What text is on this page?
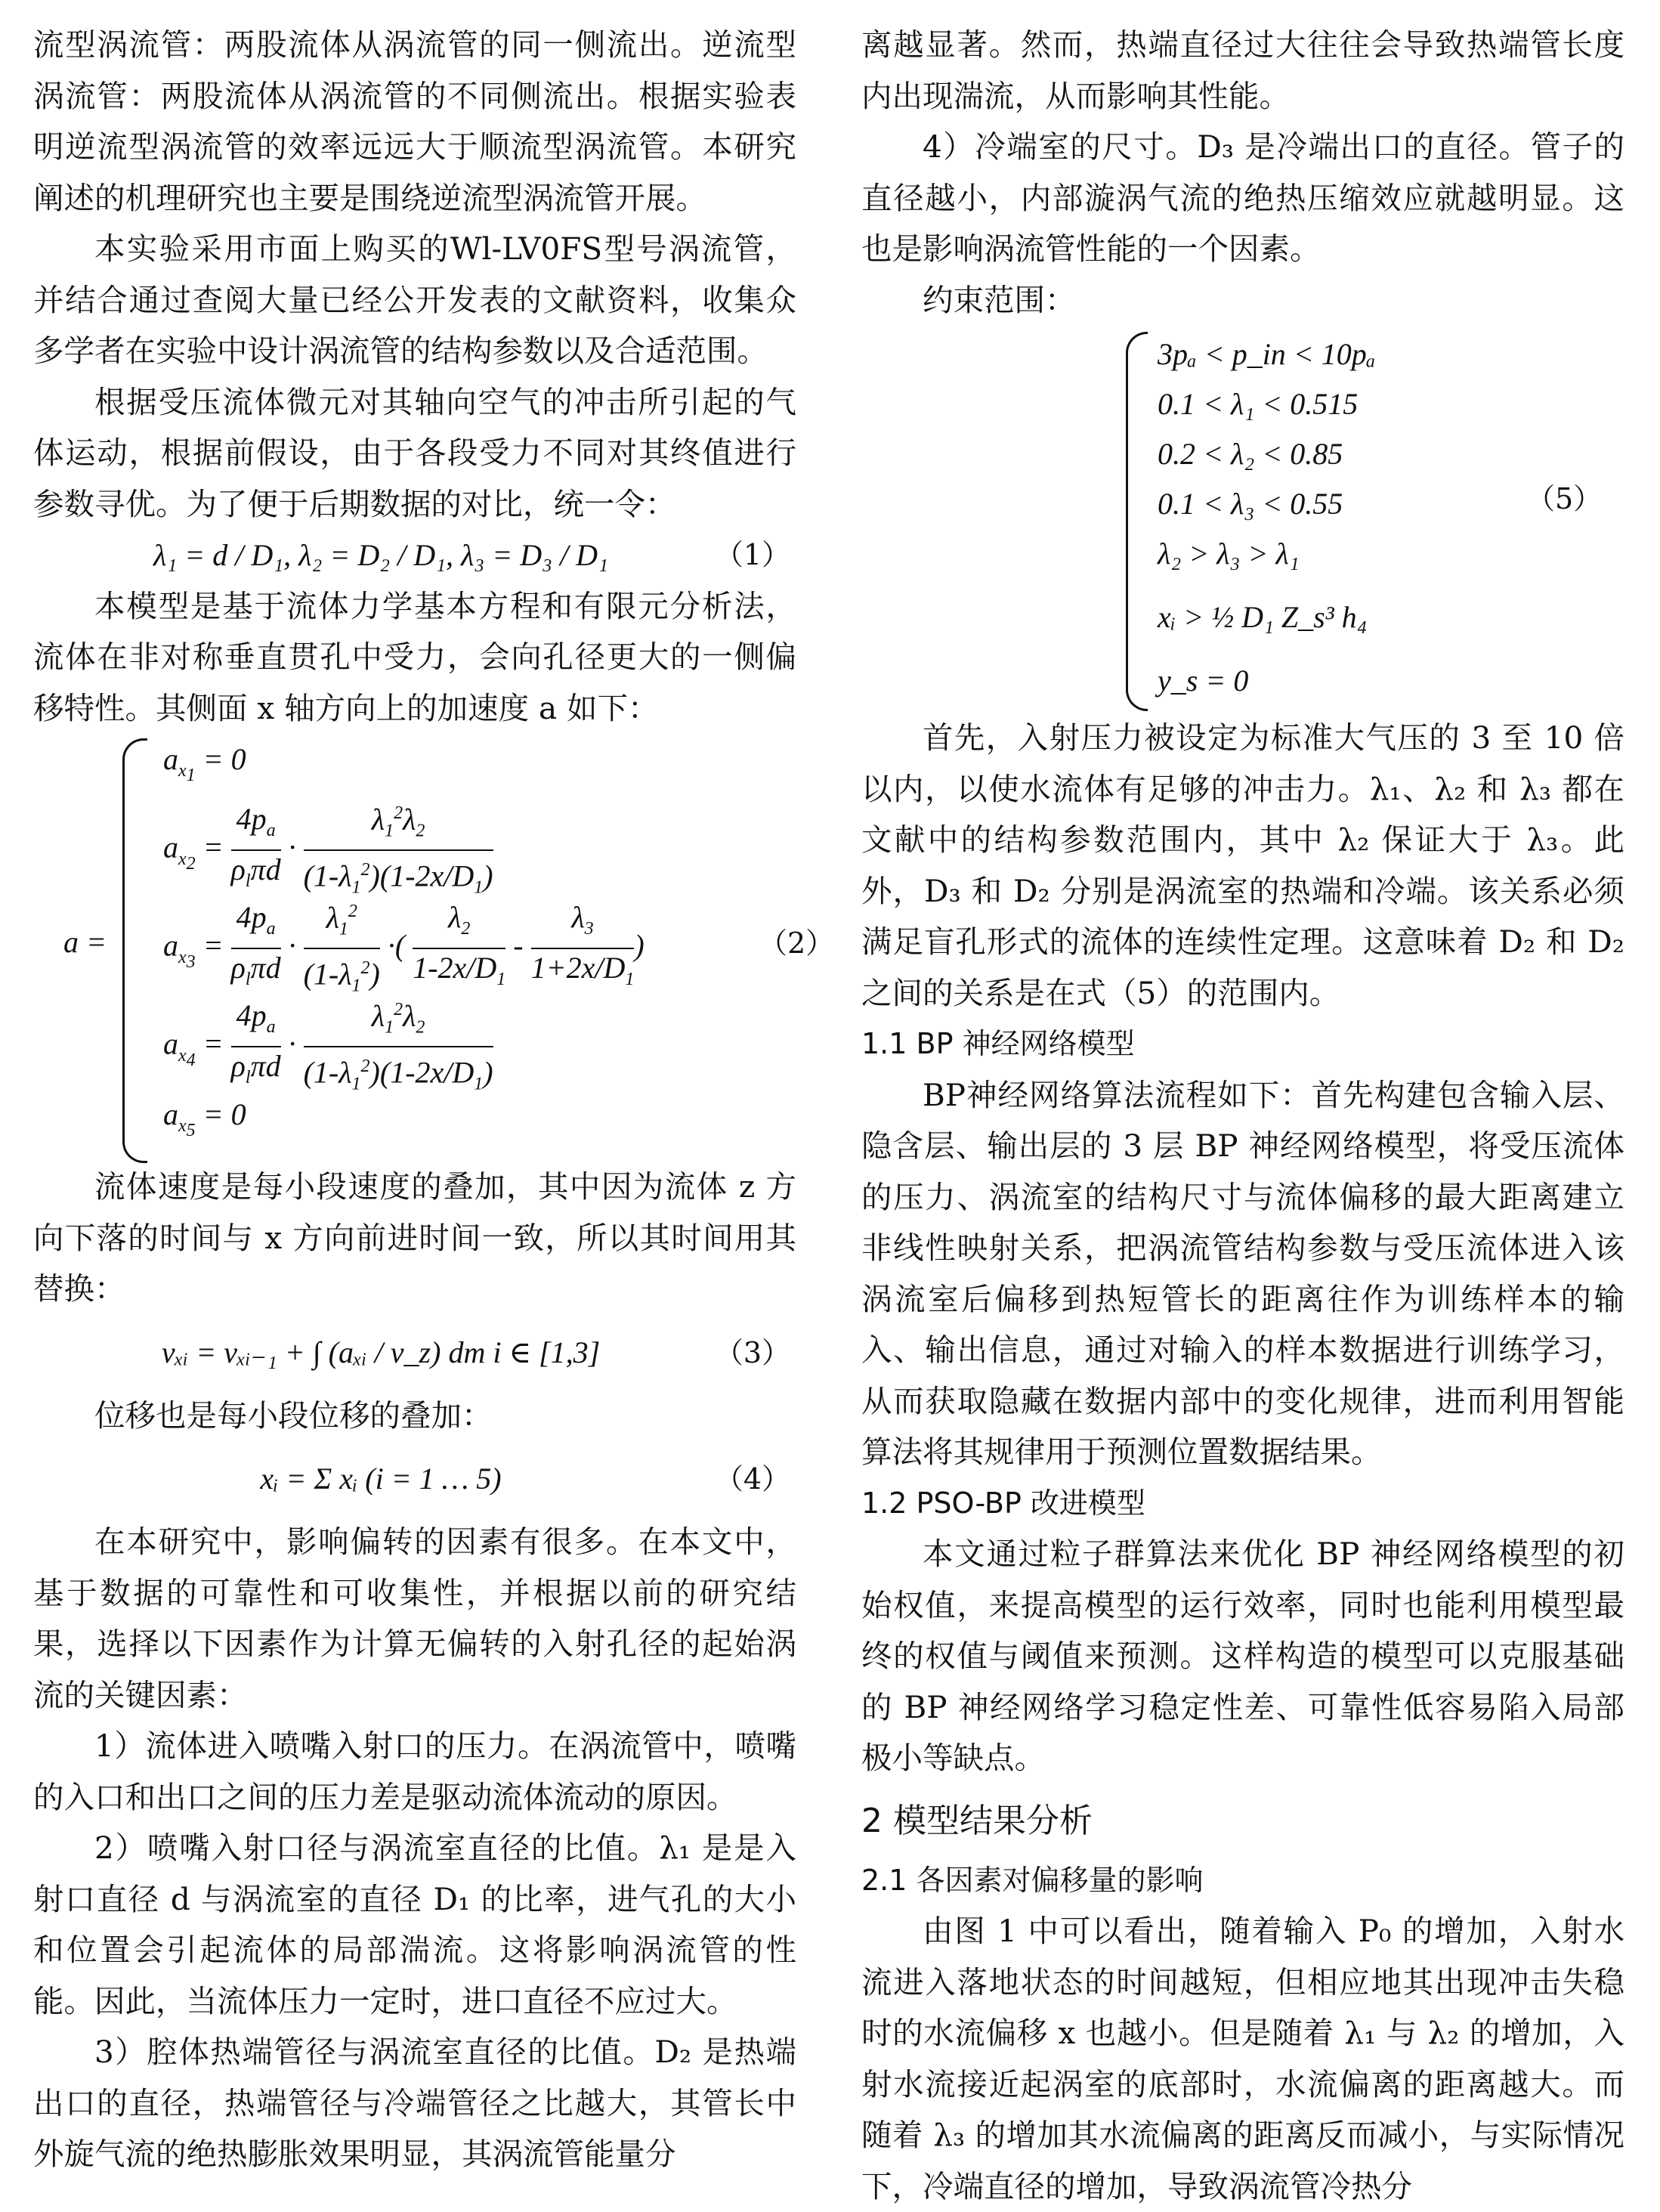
流型涡流管：两股流体从涡流管的同一侧流出。逆流型涡流管：两股流体从涡流管的不同侧流出。根据实验表明逆流型涡流管的效率远远大于顺流型涡流管。本研究阐述的机理研究也主要是围绕逆流型涡流管开展。

本实验采用市面上购买的Wl-LV0FS型号涡流管，并结合通过查阅大量已经公开发表的文献资料，收集众多学者在实验中设计涡流管的结构参数以及合适范围。

根据受压流体微元对其轴向空气的冲击所引起的气体运动，根据前假设，由于各段受力不同对其终值进行参数寻优。为了便于后期数据的对比，统一令：

λ₁ = d / D₁, λ₂ = D₂ / D₁, λ₃ = D₃ / D₁	（1）

本模型是基于流体力学基本方程和有限元分析法，流体在非对称垂直贯孔中受力，会向孔径更大的一侧偏移特性。其侧面 x 轴方向上的加速度 a 如下：

a =
$a_{x_1} = 0$
$a_{x_2} = \frac{4p_a}{\rho_l\pi d} \cdot \frac{\lambda_1^2\lambda_2}{(1-\lambda_1^2)(1-2x/D_1)}$
$a_{x_3} = \frac{4p_a}{\rho_l\pi d} \cdot \frac{\lambda_1^2}{(1-\lambda_1^2)}$ ·( $\frac{\lambda_2}{1-2x/D_1} - \frac{\lambda_3}{1+2x/D_1}$ )	（2）
$a_{x_4} = \frac{4p_a}{\rho_l\pi d} \cdot \frac{\lambda_1^2\lambda_2}{(1-\lambda_1^2)(1-2x/D_1)}$
$a_{x_5} = 0$

流体速度是每小段速度的叠加，其中因为流体 z 方向下落的时间与 x 方向前进时间一致，所以其时间用其替换：

vₓᵢ = vₓᵢ₋₁ + ∫ (aₓᵢ / v_z) dm i ∈ [1,3]	（3）

位移也是每小段位移的叠加：

xᵢ = Σ xᵢ (i = 1 … 5)	（4）

在本研究中，影响偏转的因素有很多。在本文中，基于数据的可靠性和可收集性，并根据以前的研究结果，选择以下因素作为计算无偏转的入射孔径的起始涡流的关键因素：

1）流体进入喷嘴入射口的压力。在涡流管中，喷嘴的入口和出口之间的压力差是驱动流体流动的原因。

2）喷嘴入射口径与涡流室直径的比值。λ₁ 是是入射口直径 d 与涡流室的直径 D₁ 的比率，进气孔的大小和位置会引起流体的局部湍流。这将影响涡流管的性能。因此，当流体压力一定时，进口直径不应过大。

3）腔体热端管径与涡流室直径的比值。D₂ 是热端出口的直径，热端管径与冷端管径之比越大，其管长中外旋气流的绝热膨胀效果明显，其涡流管能量分

离越显著。然而，热端直径过大往往会导致热端管长度内出现湍流，从而影响其性能。

4）冷端室的尺寸。D₃ 是冷端出口的直径。管子的直径越小，内部漩涡气流的绝热压缩效应就越明显。这也是影响涡流管性能的一个因素。

约束范围：

3pₐ < p_in < 10pₐ
0.1 < λ₁ < 0.515
0.2 < λ₂ < 0.85
0.1 < λ₃ < 0.55
λ₂ > λ₃ > λ₁
xᵢ > ½ D₁ Z_s³ h₄
y_s = 0
（5）

首先，入射压力被设定为标准大气压的 3 至 10 倍以内，以使水流体有足够的冲击力。λ₁、λ₂ 和 λ₃ 都在文献中的结构参数范围内，其中 λ₂ 保证大于 λ₃。此外，D₃ 和 D₂ 分别是涡流室的热端和冷端。该关系必须满足盲孔形式的流体的连续性定理。这意味着 D₂ 和 D₂ 之间的关系是在式（5）的范围内。

1.1 BP 神经网络模型

BP神经网络算法流程如下：首先构建包含输入层、隐含层、输出层的 3 层 BP 神经网络模型，将受压流体的压力、涡流室的结构尺寸与流体偏移的最大距离建立非线性映射关系，把涡流管结构参数与受压流体进入该涡流室后偏移到热短管长的距离往作为训练样本的输入、输出信息，通过对输入的样本数据进行训练学习，从而获取隐藏在数据内部中的变化规律，进而利用智能算法将其规律用于预测位置数据结果。

1.2 PSO-BP 改进模型

本文通过粒子群算法来优化 BP 神经网络模型的初始权值，来提高模型的运行效率，同时也能利用模型最终的权值与阈值来预测。这样构造的模型可以克服基础的 BP 神经网络学习稳定性差、可靠性低容易陷入局部极小等缺点。

2 模型结果分析

2.1 各因素对偏移量的影响

由图 1 中可以看出，随着输入 P₀ 的增加，入射水流进入落地状态的时间越短，但相应地其出现冲击失稳时的水流偏移 x 也越小。但是随着 λ₁ 与 λ₂ 的增加，入射水流接近起涡室的底部时，水流偏离的距离越大。而随着 λ₃ 的增加其水流偏离的距离反而减小，与实际情况下，冷端直径的增加，导致涡流管冷热分
